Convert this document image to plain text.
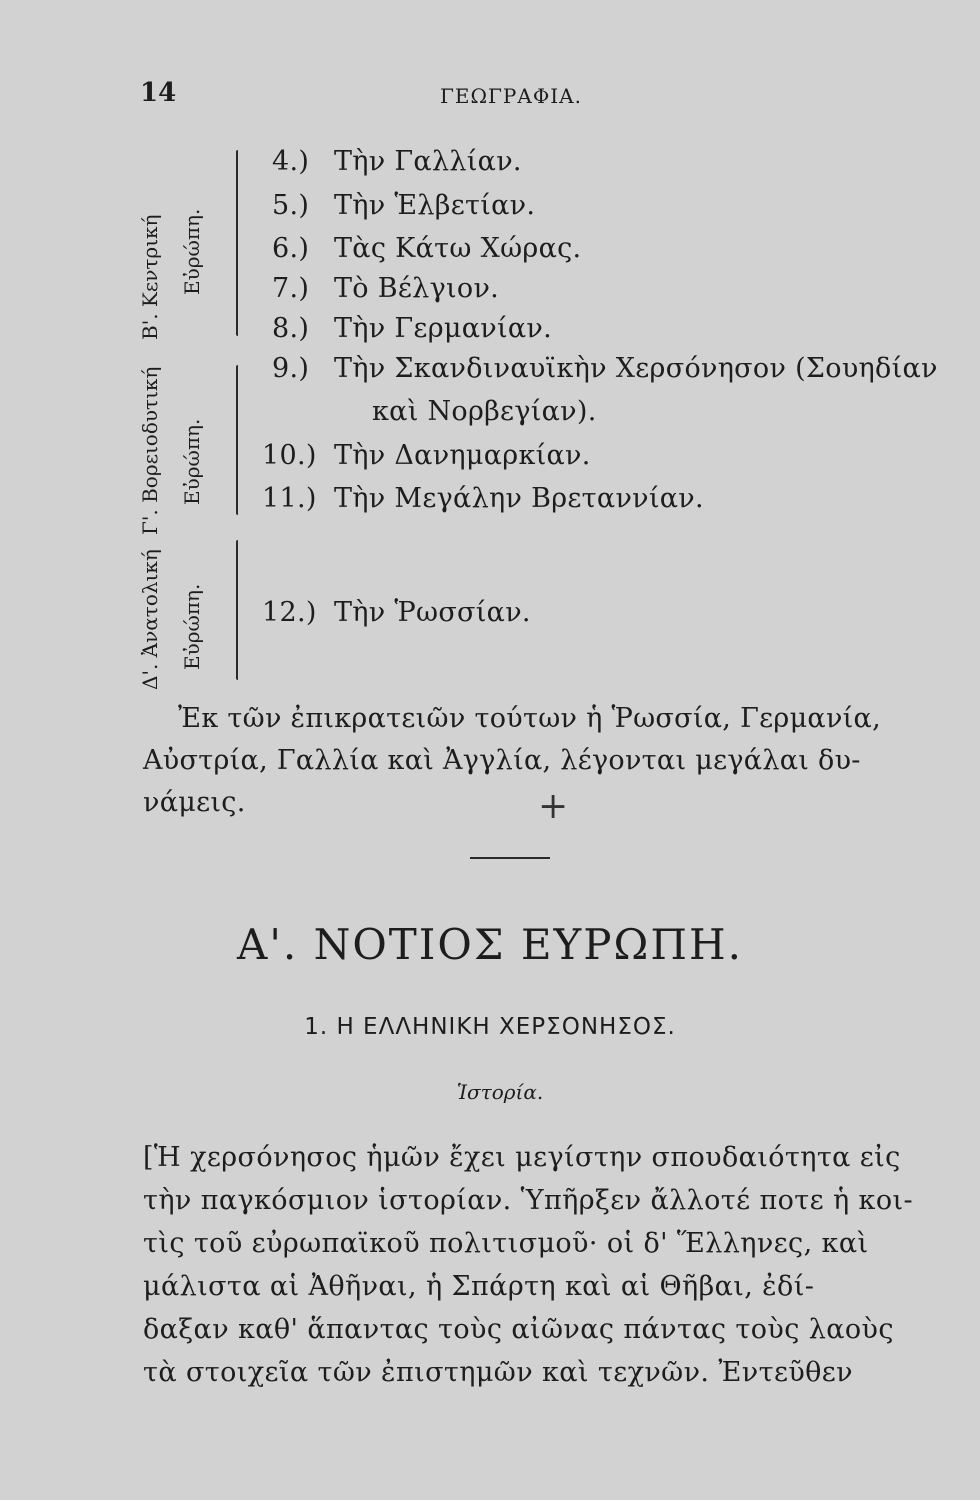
14	ΓΕΩΓΡΑΦΙΑ.
Β'. Κεντρική Εὐρώπη.
4.) Τὴν Γαλλίαν.
5.) Τὴν Ἑλβετίαν.
6.) Τὰς Κάτω Χώρας.
7.) Τὸ Βέλγιον.
8.) Τὴν Γερμανίαν.
Γ'. Βορειοδυτική Εὐρώπη.
9.) Τὴν Σκανδιναυϊκὴν Χερσόνησον (Σουηδίαν
καὶ Νορβεγίαν).
10.) Τὴν Δανημαρκίαν.
11.) Τὴν Μεγάλην Βρεταννίαν.
Δ'. Ἀνατολική Εὐρώπη. 12.) Τὴν Ῥωσσίαν.
Ἐκ τῶν ἐπικρατειῶν τούτων ἡ Ῥωσσία, Γερμανία,
Αὐστρία, Γαλλία καὶ Ἀγγλία, λέγονται μεγάλαι δυ-
νάμεις.	+
Α'. ΝΟΤΙΟΣ ΕΥΡΩΠΗ.
1. Η ΕΛΛΗΝΙΚΗ ΧΕΡΣΟΝΗΣΟΣ.
Ἱστορία.
[Ἡ χερσόνησος ἡμῶν ἔχει μεγίστην σπουδαιότητα εἰς
τὴν παγκόσμιον ἱστορίαν. Ὑπῆρξεν ἄλλοτέ ποτε ἡ κοι-
τὶς τοῦ εὐρωπαϊκοῦ πολιτισμοῦ· οἱ δ' Ἕλληνες, καὶ
μάλιστα αἱ Ἀθῆναι, ἡ Σπάρτη καὶ αἱ Θῆβαι, ἐδί-
δαξαν καθ' ἅπαντας τοὺς αἰῶνας πάντας τοὺς λαοὺς
τὰ στοιχεῖα τῶν ἐπιστημῶν καὶ τεχνῶν. Ἐντεῦθεν
